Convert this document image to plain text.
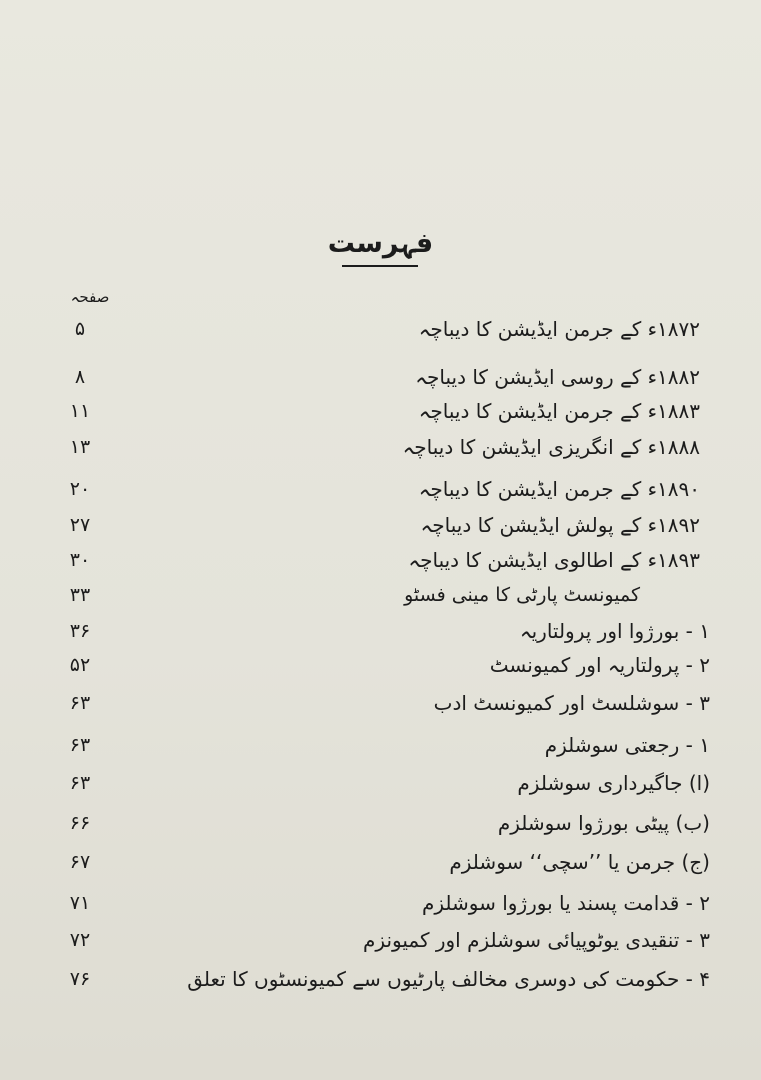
فہرست
صفحہ
۱۸۷۲ء کے جرمن ایڈیشن کا دیباچہ
۵
۱۸۸۲ء کے روسی ایڈیشن کا دیباچہ
۸
۱۸۸۳ء کے جرمن ایڈیشن کا دیباچہ
۱۱
۱۸۸۸ء کے انگریزی ایڈیشن کا دیباچہ
۱۳
۱۸۹۰ء کے جرمن ایڈیشن کا دیباچہ
۲۰
۱۸۹۲ء کے پولش ایڈیشن کا دیباچہ
۲۷
۱۸۹۳ء کے اطالوی ایڈیشن کا دیباچہ
۳۰
کمیونسٹ پارٹی کا مینی فسٹو
۳۳
۱ - بورژوا اور پرولتاریہ
۳۶
۲ - پرولتاریہ اور کمیونسٹ
۵۲
۳ - سوشلسٹ اور کمیونسٹ ادب
۶۳
۱ - رجعتی سوشلزم
۶۳
(ا) جاگیرداری سوشلزم
۶۳
(ب) پیٹی بورژوا سوشلزم
۶۶
(ج) جرمن یا ’’سچی‘‘ سوشلزم
۶۷
۲ - قدامت پسند یا بورژوا سوشلزم
۷۱
۳ - تنقیدی یوٹوپیائی سوشلزم اور کمیونزم
۷۲
۴ - حکومت کی دوسری مخالف پارٹیوں سے کمیونسٹوں کا تعلق
۷۶
